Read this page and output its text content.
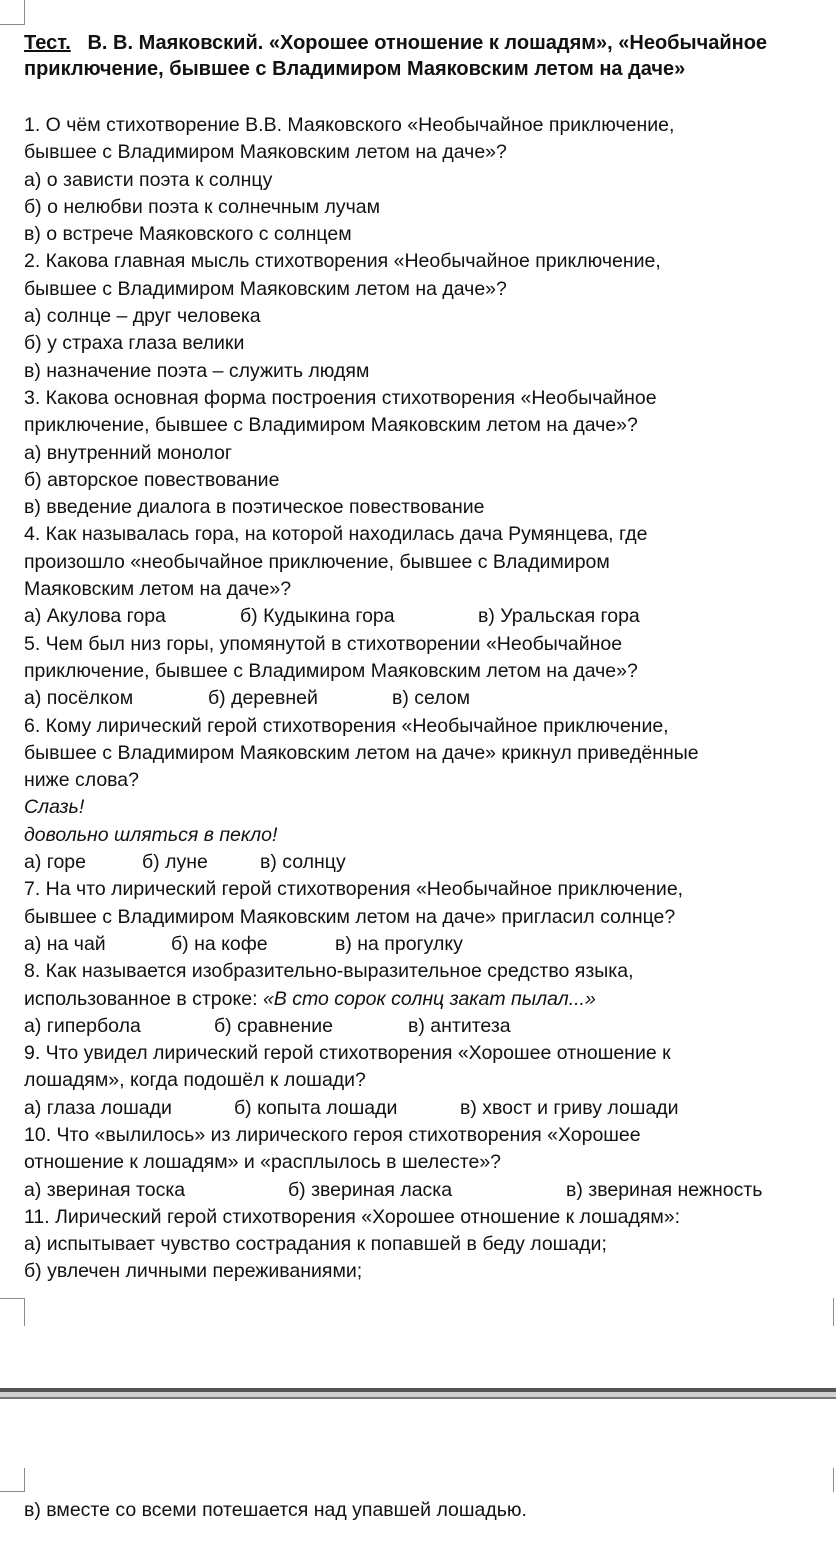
Тест. В. В. Маяковский. «Хорошее отношение к лошадям», «Необычайное
приключение, бывшее с Владимиром Маяковским летом на даче»
1. О чём стихотворение В.В. Маяковского «Необычайное приключение,
бывшее с Владимиром Маяковским летом на даче»?
а) о зависти поэта к солнцу
б) о нелюбви поэта к солнечным лучам
в) о встрече Маяковского с солнцем
2. Какова главная мысль стихотворения «Необычайное приключение,
бывшее с Владимиром Маяковским летом на даче»?
а) солнце – друг человека
б) у страха глаза велики
в) назначение поэта – служить людям
3. Какова основная форма построения стихотворения «Необычайное
приключение, бывшее с Владимиром Маяковским летом на даче»?
а) внутренний монолог
б) авторское повествование
в) введение диалога в поэтическое повествование
4. Как называлась гора, на которой находилась дача Румянцева, где
произошло «необычайное приключение, бывшее с Владимиром
Маяковским летом на даче»?
а) Акулова гора	б) Кудыкина гора	в) Уральская гора
5. Чем был низ горы, упомянутой в стихотворении «Необычайное
приключение, бывшее с Владимиром Маяковским летом на даче»?
а) посёлком	б) деревней	в) селом
6. Кому лирический герой стихотворения «Необычайное приключение,
бывшее с Владимиром Маяковским летом на даче» крикнул приведённые
ниже слова?
Слазь!
довольно шляться в пекло!
а) горе	б) луне	в) солнцу
7. На что лирический герой стихотворения «Необычайное приключение,
бывшее с Владимиром Маяковским летом на даче» пригласил солнце?
а) на чай	б) на кофе	в) на прогулку
8. Как называется изобразительно-выразительное средство языка,
использованное в строке: «В сто сорок солнц закат пылал...»
а) гипербола	б) сравнение	в) антитеза
9. Что увидел лирический герой стихотворения «Хорошее отношение к
лошадям», когда подошёл к лошади?
а) глаза лошади	б) копыта лошади	в) хвост и гриву лошади
10. Что «вылилось» из лирического героя стихотворения «Хорошее
отношение к лошадям» и «расплылось в шелесте»?
а) звериная тоска	б) звериная ласка	в) звериная нежность
11. Лирический герой стихотворения «Хорошее отношение к лошадям»:
а) испытывает чувство сострадания к попавшей в беду лошади;
б) увлечен личными переживаниями;
в) вместе со всеми потешается над упавшей лошадью.
